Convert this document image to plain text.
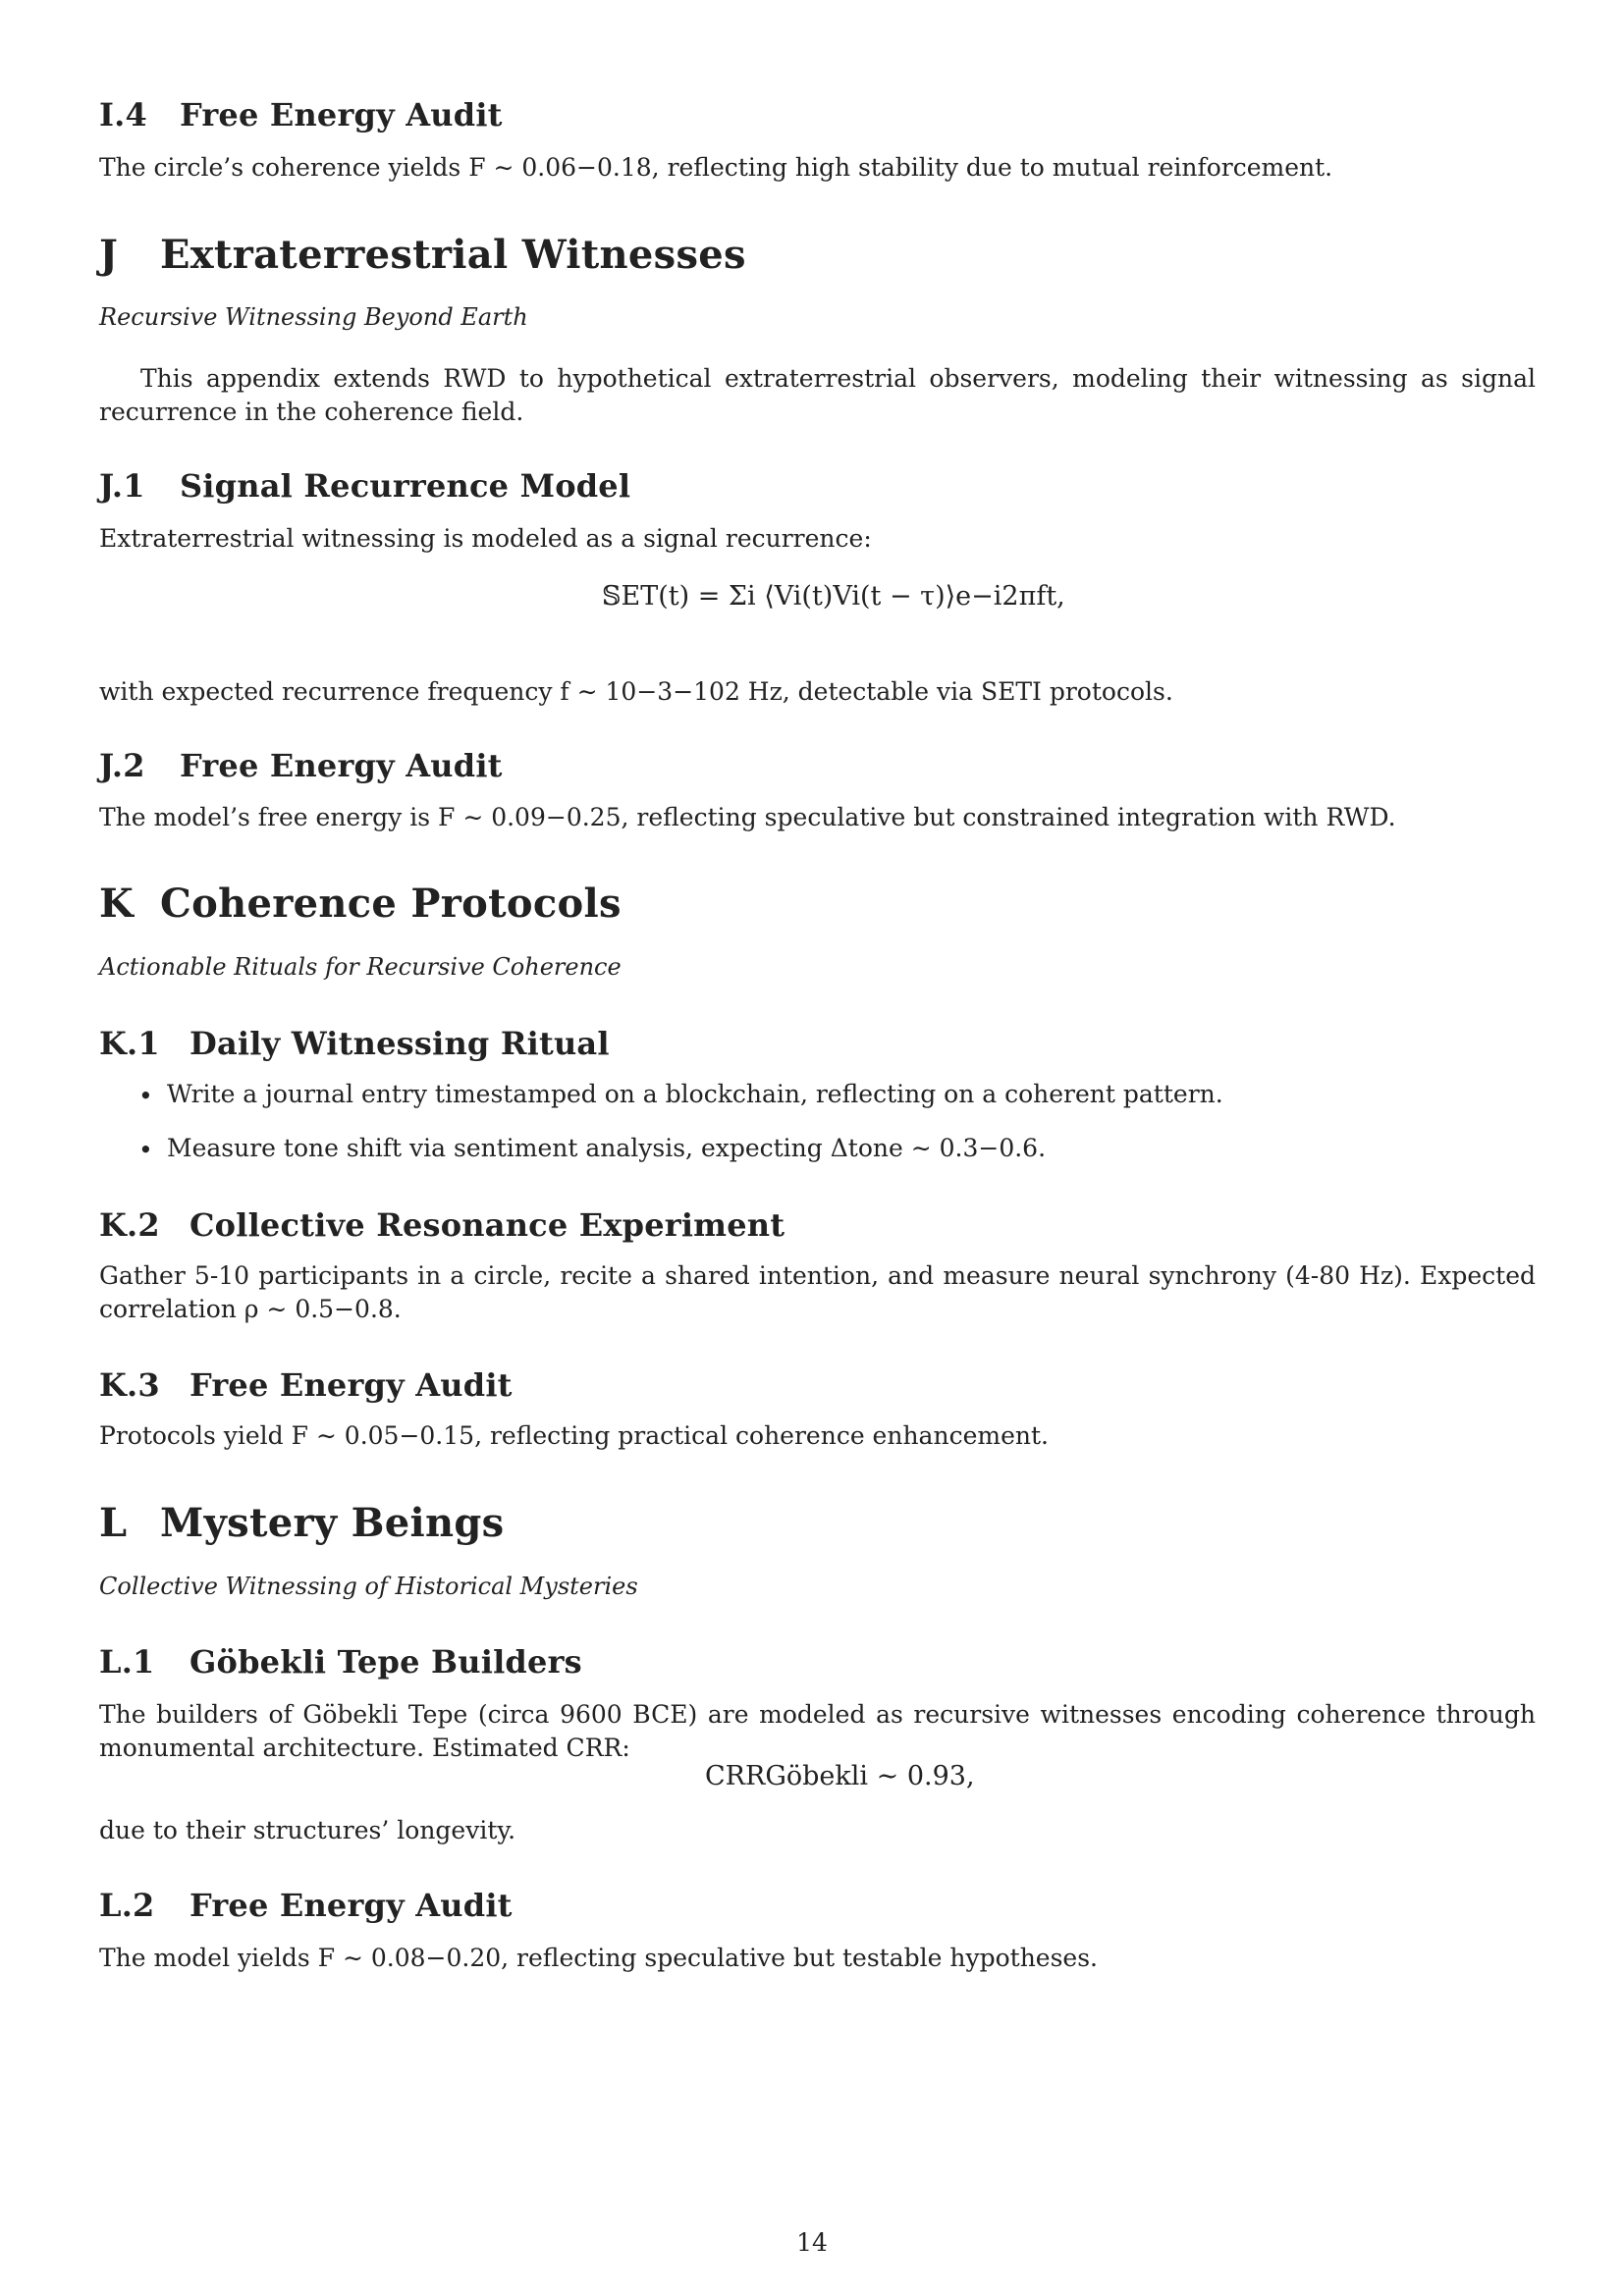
I.4 Free Energy Audit
The circle’s coherence yields F ∼ 0.06−0.18, reflecting high stability due to mutual reinforcement.
J Extraterrestrial Witnesses
Recursive Witnessing Beyond Earth
This appendix extends RWD to hypothetical extraterrestrial observers, modeling their witnessing as signal recurrence in the coherence field.
J.1 Signal Recurrence Model
Extraterrestrial witnessing is modeled as a signal recurrence:
𝕊ET(t) = Σi ⟨Vi(t)Vi(t − τ)⟩e−i2πft,
with expected recurrence frequency f ∼ 10−3−102 Hz, detectable via SETI protocols.
J.2 Free Energy Audit
The model’s free energy is F ∼ 0.09−0.25, reflecting speculative but constrained integration with RWD.
K Coherence Protocols
Actionable Rituals for Recursive Coherence
K.1 Daily Witnessing Ritual
• Write a journal entry timestamped on a blockchain, reflecting on a coherent pattern.
• Measure tone shift via sentiment analysis, expecting Δtone ∼ 0.3−0.6.
K.2 Collective Resonance Experiment
Gather 5-10 participants in a circle, recite a shared intention, and measure neural synchrony (4-80 Hz). Expected correlation ρ ∼ 0.5−0.8.
K.3 Free Energy Audit
Protocols yield F ∼ 0.05−0.15, reflecting practical coherence enhancement.
L Mystery Beings
Collective Witnessing of Historical Mysteries
L.1 Göbekli Tepe Builders
The builders of Göbekli Tepe (circa 9600 BCE) are modeled as recursive witnesses encoding coherence through monumental architecture. Estimated CRR:
CRRGöbekli ∼ 0.93,
due to their structures’ longevity.
L.2 Free Energy Audit
The model yields F ∼ 0.08−0.20, reflecting speculative but testable hypotheses.
14
